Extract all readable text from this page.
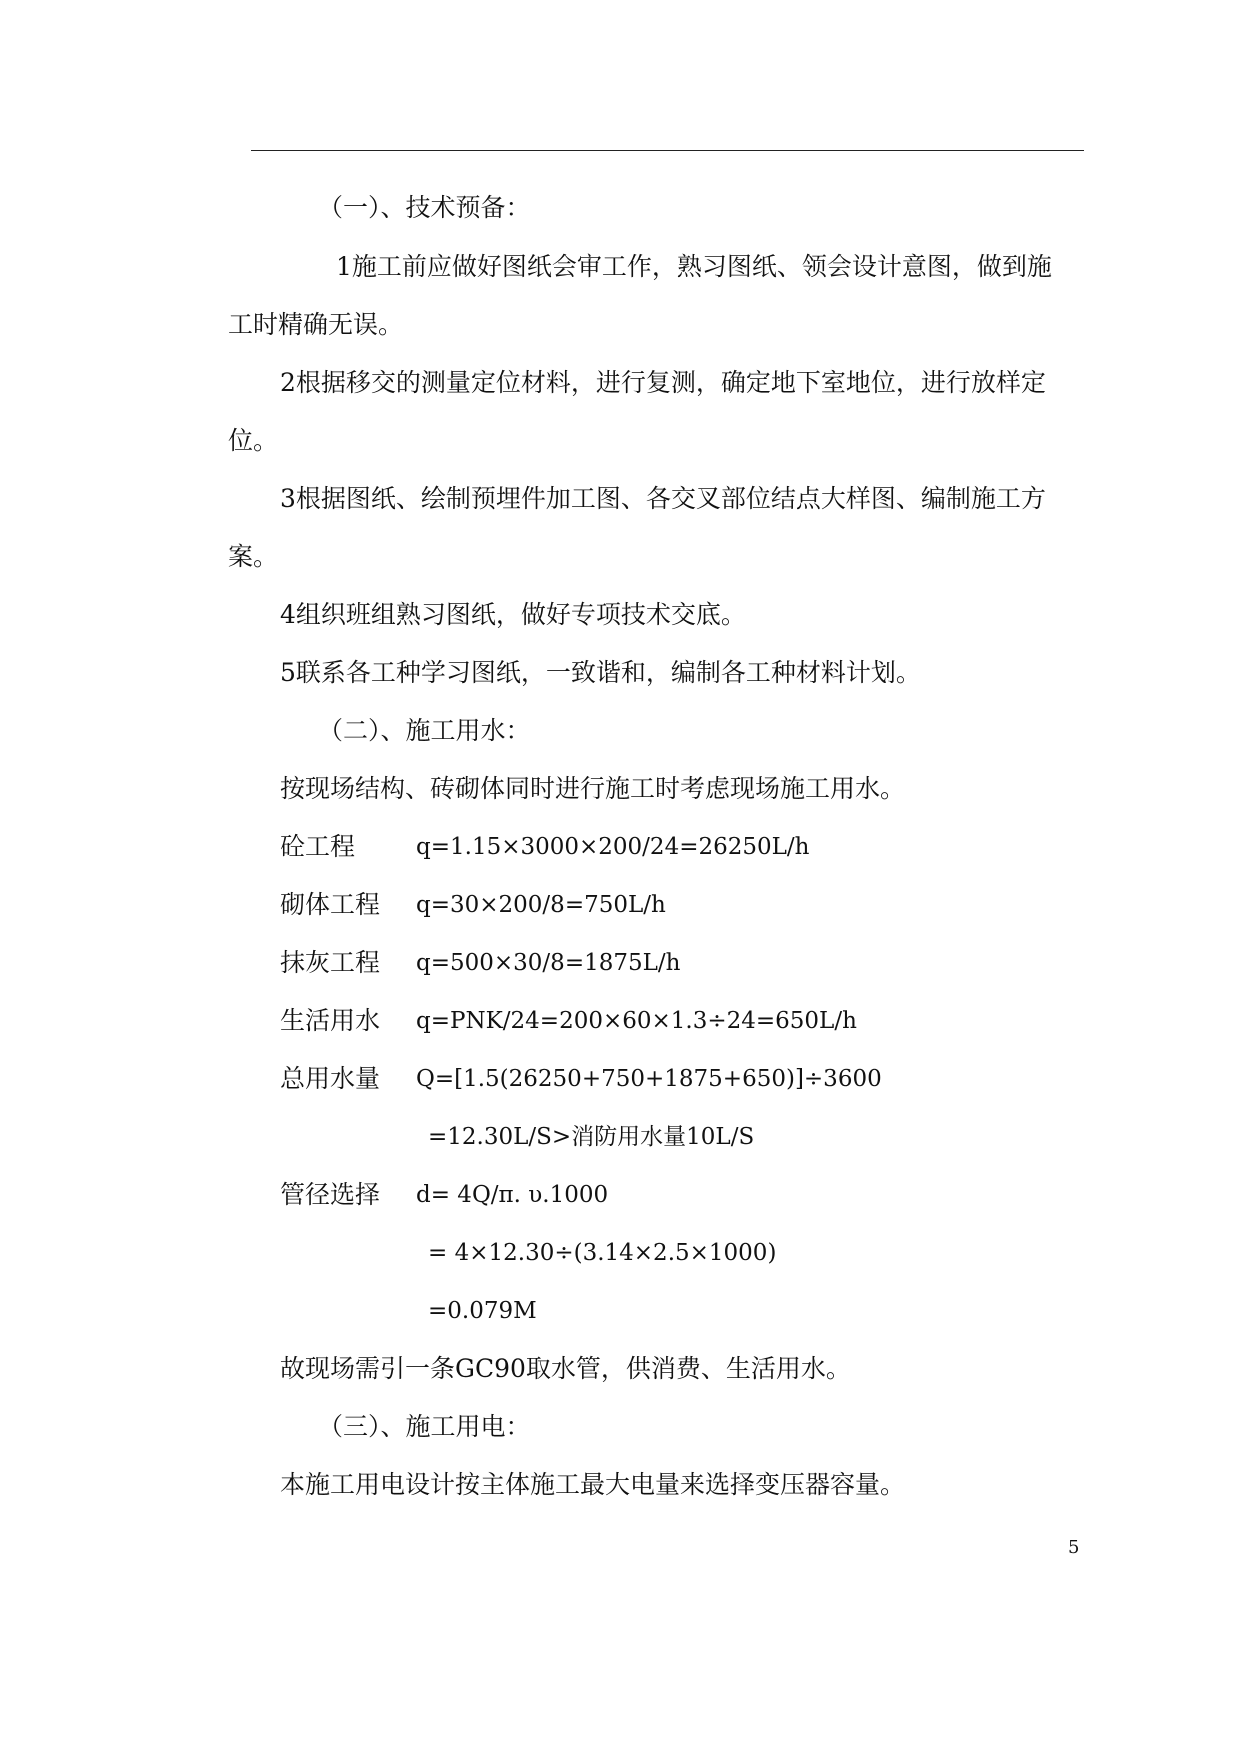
（一）、技术预备：
1施工前应做好图纸会审工作，熟习图纸、领会设计意图，做到施
工时精确无误。
2根据移交的测量定位材料，进行复测，确定地下室地位，进行放样定
位。
3根据图纸、绘制预埋件加工图、各交叉部位结点大样图、编制施工方
案。
4组织班组熟习图纸，做好专项技术交底。
5联系各工种学习图纸，一致谐和，编制各工种材料计划。
（二）、施工用水：
按现场结构、砖砌体同时进行施工时考虑现场施工用水。
砼工程	q=1.15×3000×200/24=26250L/h
砌体工程 q=30×200/8=750L/h
抹灰工程 q=500×30/8=1875L/h
生活用水 q=PNK/24=200×60×1.3÷24=650L/h
总用水量 Q=[1.5(26250+750+1875+650)]÷3600
=12.30L/S>消防用水量10L/S
管径选择 d= 4Q/π. υ.1000
= 4×12.30÷(3.14×2.5×1000)
=0.079M
故现场需引一条GC90取水管，供消费、生活用水。
（三）、施工用电：
本施工用电设计按主体施工最大电量来选择变压器容量。
5
